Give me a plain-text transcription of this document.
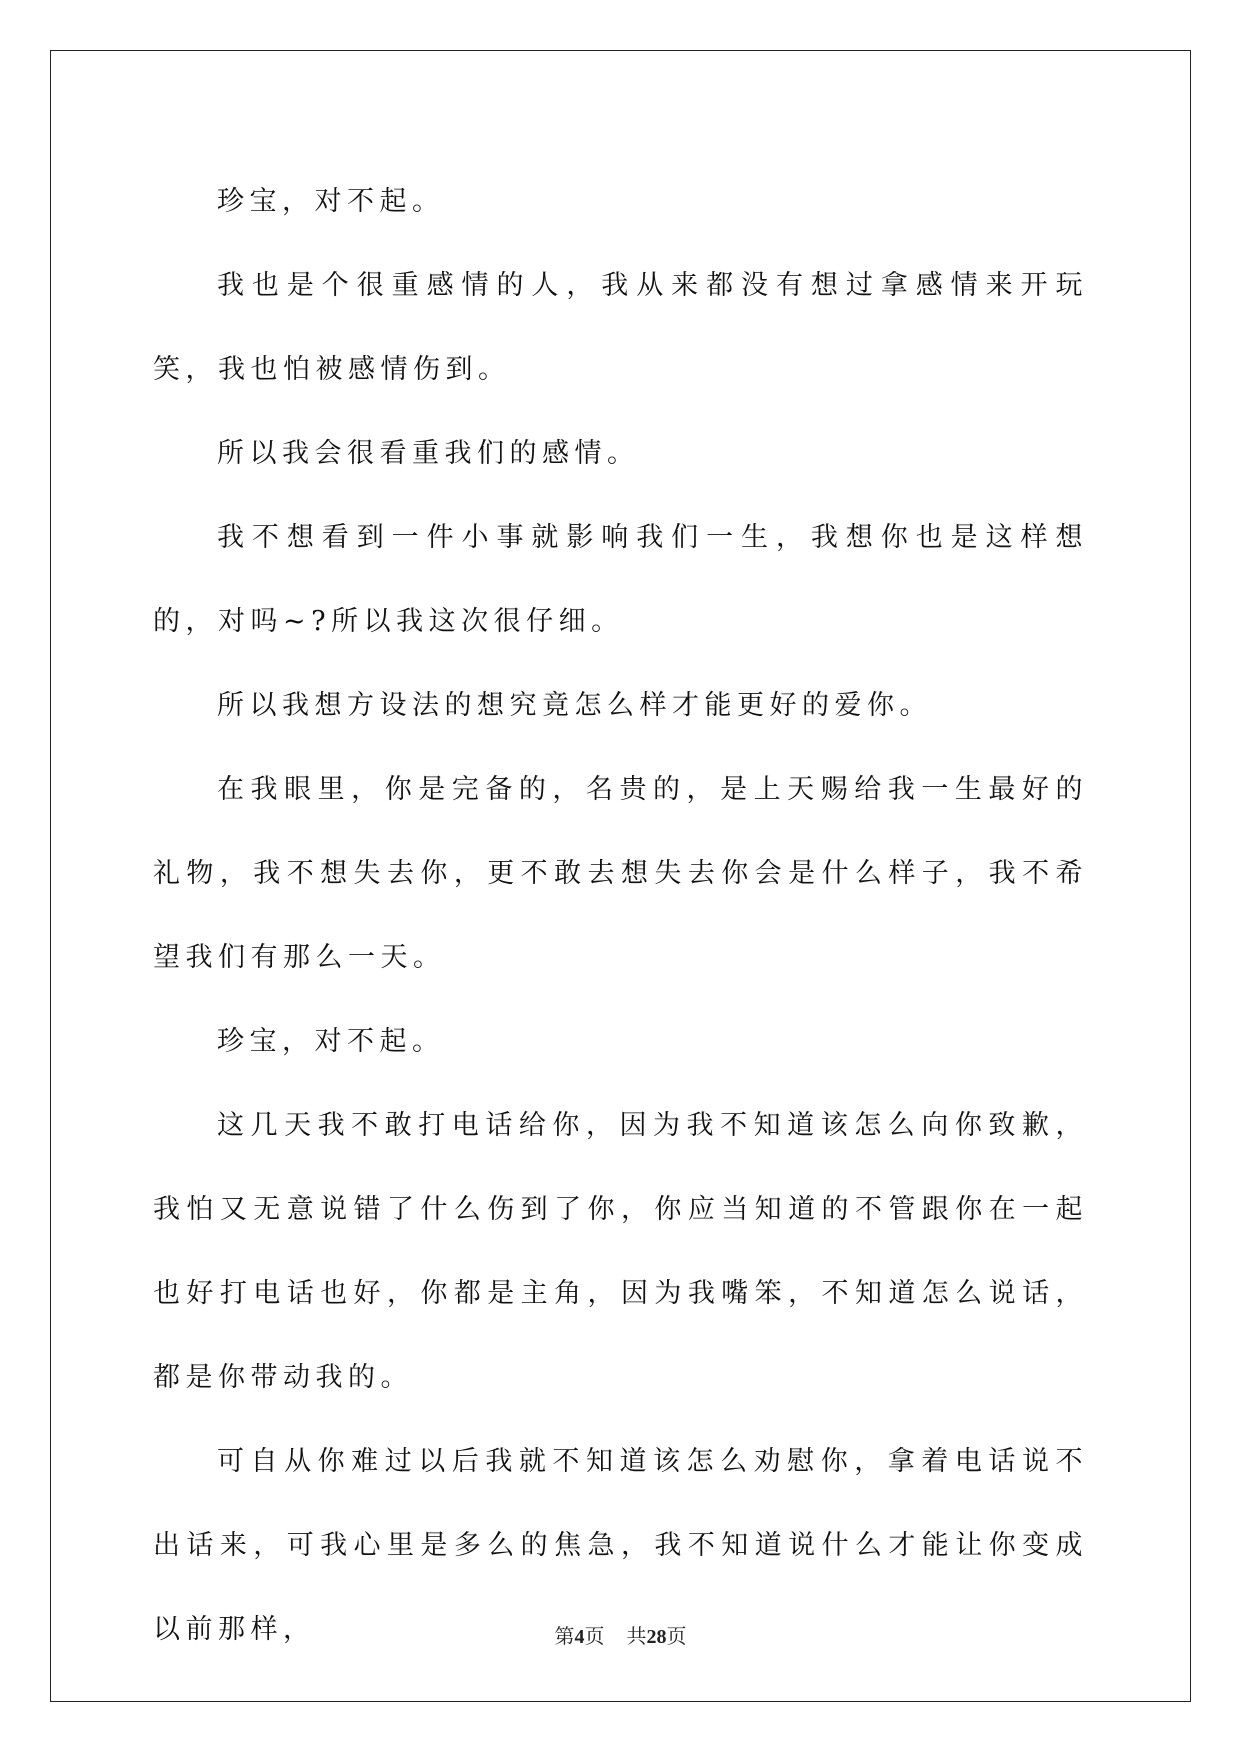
珍宝，对不起。

我也是个很重感情的人，我从来都没有想过拿感情来开玩笑，我也怕被感情伤到。

所以我会很看重我们的感情。

我不想看到一件小事就影响我们一生，我想你也是这样想的，对吗~?所以我这次很仔细。

所以我想方设法的想究竟怎么样才能更好的爱你。

在我眼里，你是完备的，名贵的，是上天赐给我一生最好的礼物，我不想失去你，更不敢去想失去你会是什么样子，我不希望我们有那么一天。

珍宝，对不起。

这几天我不敢打电话给你，因为我不知道该怎么向你致歉，我怕又无意说错了什么伤到了你，你应当知道的不管跟你在一起也好打电话也好，你都是主角，因为我嘴笨，不知道怎么说话，都是你带动我的。

可自从你难过以后我就不知道该怎么劝慰你，拿着电话说不出话来，可我心里是多么的焦急，我不知道说什么才能让你变成以前那样，	第4页 共28页
